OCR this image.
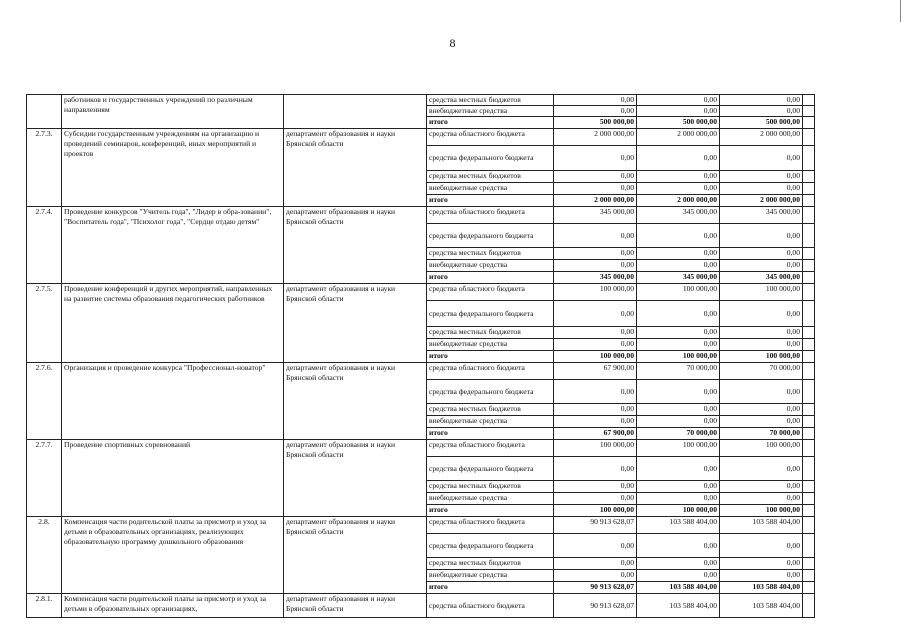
8
	работников и государственных учреждений по различным направлениям		средства местных бюджетов	0,00	0,00	0,00	
			внебюджетные средства	0,00	0,00	0,00	
			итого	500 000,00	500 000,00	500 000,00	
2.7.3.	Субсидии государственным учреждениям на организацию и проведений семинаров, конференций, иных мероприятий и проектов	департамент образования и науки Брянской области	средства областного бюджета	2 000 000,00	2 000 000,00	2 000 000,00	
			средства федерального бюджета	0,00	0,00	0,00	
			средства местных бюджетов	0,00	0,00	0,00	
			внебюджетные средства	0,00	0,00	0,00	
			итого	2 000 000,00	2 000 000,00	2 000 000,00	
2.7.4.	Проведение конкурсов "Учитель года", "Лидер в обра-зовании", "Воспитатель года", "Психолог года", "Сердце отдаю детям"	департамент образования и науки Брянской области	средства областного бюджета	345 000,00	345 000,00	345 000,00	
			средства федерального бюджета	0,00	0,00	0,00	
			средства местных бюджетов	0,00	0,00	0,00	
			внебюджетные средства	0,00	0,00	0,00	
			итого	345 000,00	345 000,00	345 000,00	
2.7.5.	Проведение конференций и других мероприятий, направленных на развитие системы образования педагогических работников	департамент образования и науки Брянской области	средства областного бюджета	100 000,00	100 000,00	100 000,00	
			средства федерального бюджета	0,00	0,00	0,00	
			средства местных бюджетов	0,00	0,00	0,00	
			внебюджетные средства	0,00	0,00	0,00	
			итого	100 000,00	100 000,00	100 000,00	
2.7.6.	Организация и проведение конкурса "Профессионал-новатор"	департамент образования и науки Брянской области	средства областного бюджета	67 900,00	70 000,00	70 000,00	
			средства федерального бюджета	0,00	0,00	0,00	
			средства местных бюджетов	0,00	0,00	0,00	
			внебюджетные средства	0,00	0,00	0,00	
			итого	67 900,00	70 000,00	70 000,00	
2.7.7.	Проведение спортивных соревнований	департамент образования и науки Брянской области	средства областного бюджета	100 000,00	100 000,00	100 000,00	
			средства федерального бюджета	0,00	0,00	0,00	
			средства местных бюджетов	0,00	0,00	0,00	
			внебюджетные средства	0,00	0,00	0,00	
			итого	100 000,00	100 000,00	100 000,00	
2.8.	Компенсация части родительской платы за присмотр и уход за детьми в образовательных организациях, реализующих образовательную программу дошкольного образования	департамент образования и науки Брянской области	средства областного бюджета	90 913 628,07	103 588 404,00	103 588 404,00	
			средства федерального бюджета	0,00	0,00	0,00	
			средства местных бюджетов	0,00	0,00	0,00	
			внебюджетные средства	0,00	0,00	0,00	
			итого	90 913 628,07	103 588 404,00	103 588 404,00	
2.8.1.	Компенсация части родительской платы за присмотр и уход за детьми в образовательных организациях,	департамент образования и науки Брянской области	средства областного бюджета	90 913 628,07	103 588 404,00	103 588 404,00	
